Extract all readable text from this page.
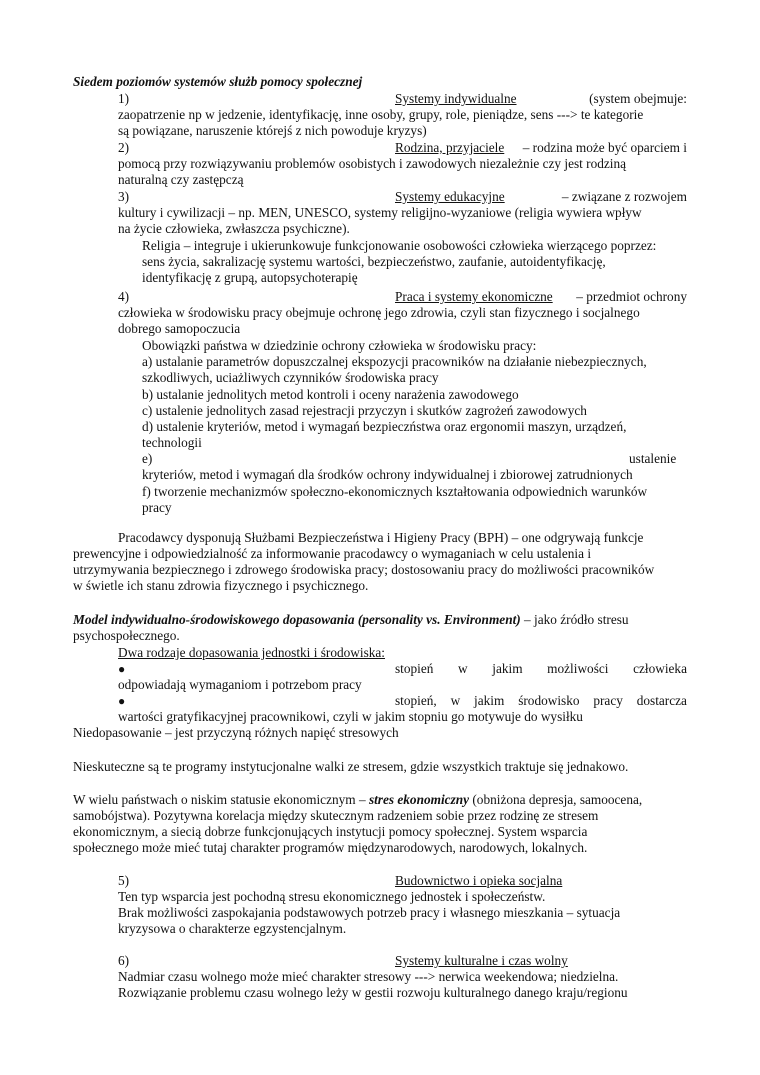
Siedem poziomów systemów służb pomocy społecznej
1)	Systemy indywidualne	(system obejmuje:
zaopatrzenie np w jedzenie, identyfikację, inne osoby, grupy, role, pieniądze, sens ---> te kategorie
są powiązane, naruszenie którejś z nich powoduje kryzys)
2)	Rodzina, przyjaciele – rodzina może być oparciem i
pomocą przy rozwiązywaniu problemów osobistych i zawodowych niezależnie czy jest rodziną
naturalną czy zastępczą
3)	Systemy edukacyjne	– związane z rozwojem
kultury i cywilizacji – np. MEN, UNESCO, systemy religijno-wyzaniowe (religia wywiera wpływ
na życie człowieka, zwłaszcza psychiczne).
Religia – integruje i ukierunkowuje funkcjonowanie osobowości człowieka wierzącego poprzez:
sens życia, sakralizację systemu wartości, bezpieczeństwo, zaufanie, autoidentyfikację,
identyfikację z grupą, autopsychoterapię
4)	Praca i systemy ekonomiczne – przedmiot ochrony
człowieka w środowisku pracy obejmuje ochronę jego zdrowia, czyli stan fizycznego i socjalnego
dobrego samopoczucia
Obowiązki państwa w dziedzinie ochrony człowieka w środowisku pracy:
a) ustalanie parametrów dopuszczalnej ekspozycji pracowników na działanie niebezpiecznych,
szkodliwych, uciażliwych czynników środowiska pracy
b) ustalanie jednolitych metod kontroli i oceny narażenia zawodowego
c) ustalenie jednolitych zasad rejestracji przyczyn i skutków zagrożeń zawodowych
d) ustalenie kryteriów, metod i wymagań bezpieczństwa oraz ergonomii maszyn, urządzeń,
technologii
e)	ustalenie
kryteriów, metod i wymagań dla środków ochrony indywidualnej i zbiorowej zatrudnionych
f) tworzenie mechanizmów społeczno-ekonomicznych kształtowania odpowiednich warunków
pracy
Pracodawcy dysponują Służbami Bezpieczeństwa i Higieny Pracy (BPH) – one odgrywają funkcje
prewencyjne i odpowiedzialność za informowanie pracodawcy o wymaganiach w celu ustalenia i
utrzymywania bezpiecznego i zdrowego środowiska pracy; dostosowaniu pracy do możliwości pracowników
w świetle ich stanu zdrowia fizycznego i psychicznego.
Model indywidualno-środowiskowego dopasowania (personality vs. Environment) – jako źródło stresu
psychospołecznego.
Dwa rodzaje dopasowania jednostki i środowiska:
●	stopień w jakim możliwości człowieka
odpowiadają wymaganiom i potrzebom pracy
●	stopień, w jakim środowisko pracy dostarcza
wartości gratyfikacyjnej pracownikowi, czyli w jakim stopniu go motywuje do wysiłku
Niedopasowanie – jest przyczyną różnych napięć stresowych
Nieskuteczne są te programy instytucjonalne walki ze stresem, gdzie wszystkich traktuje się jednakowo.
W wielu państwach o niskim statusie ekonomicznym – stres ekonomiczny (obniżona depresja, samoocena,
samobójstwa). Pozytywna korelacja między skutecznym radzeniem sobie przez rodzinę ze stresem
ekonomicznym, a siecią dobrze funkcjonujących instytucji pomocy społecznej. System wsparcia
społecznego może mieć tutaj charakter programów międzynarodowych, narodowych, lokalnych.
5)	Budownictwo i opieka socjalna
Ten typ wsparcia jest pochodną stresu ekonomicznego jednostek i społeczeństw.
Brak możliwości zaspokajania podstawowych potrzeb pracy i własnego mieszkania – sytuacja
kryzysowa o charakterze egzystencjalnym.
6)	Systemy kulturalne i czas wolny
Nadmiar czasu wolnego może mieć charakter stresowy ---> nerwica weekendowa; niedzielna.
Rozwiązanie problemu czasu wolnego leży w gestii rozwoju kulturalnego danego kraju/regionu
